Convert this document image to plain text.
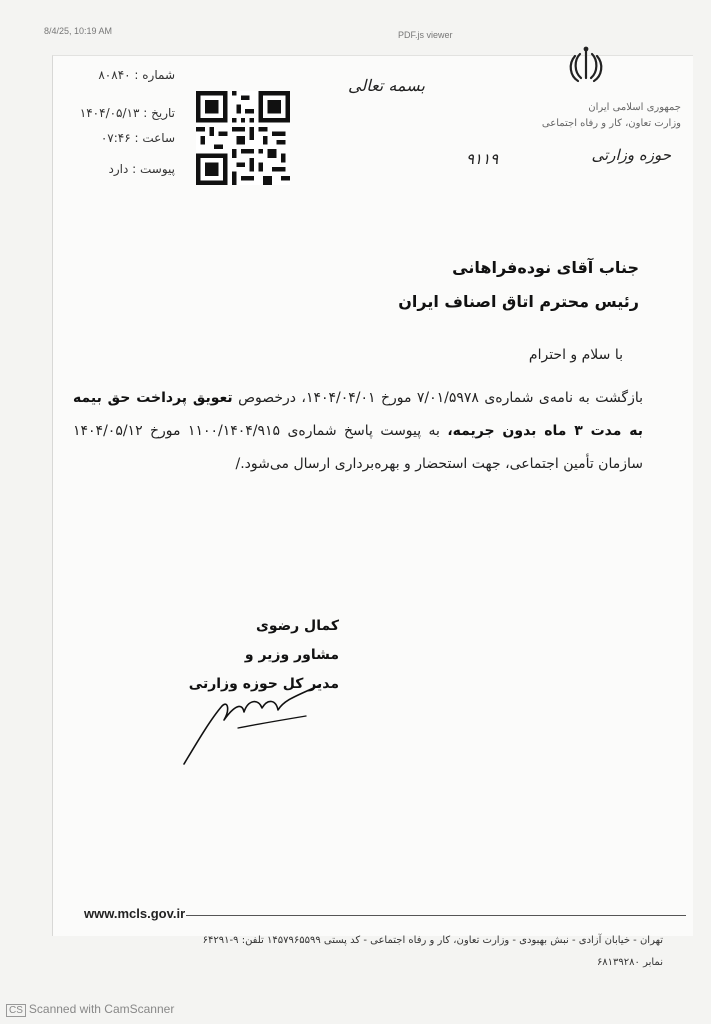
8/4/25, 10:19 AM	PDF.js viewer
شماره : ۸۰۸۴۰
تاریخ : ۱۴۰۴/۰۵/۱۳
ساعت : ۰۷:۴۶
پیوست : دارد
بسمه تعالی
جمهوری اسلامی ایران
وزارت تعاون، کار و رفاه اجتماعی
حوزه وزارتی
۹۱۱۹
جناب آقای نوده‌فراهانی
رئیس محترم اتاق اصناف ایران
با سلام و احترام

بازگشت به نامه‌ی شماره‌ی ۷/۰۱/۵۹۷۸ مورخ ۱۴۰۴/۰۴/۰۱، درخصوص تعویق پرداخت حق بیمه به مدت ۳ ماه بدون جریمه، به پیوست پاسخ شماره‌ی ۱۱۰۰/۱۴۰۴/۹۱۵ مورخ ۱۴۰۴/۰۵/۱۲ سازمان تأمین اجتماعی، جهت استحضار و بهره‌برداری ارسال می‌شود./

کمال رضوی
مشاور وزیر و
مدیر کل حوزه وزارتی
www.mcls.gov.ir
تهران - خیابان آزادی - نبش بهبودی - وزارت تعاون، کار و رفاه اجتماعی - کد پستی ۱۴۵۷۹۶۵۵۹۹ تلفن: ۹-۶۴۲۹۱
نمابر ۶۸۱۳۹۲۸۰
CS Scanned with CamScanner
